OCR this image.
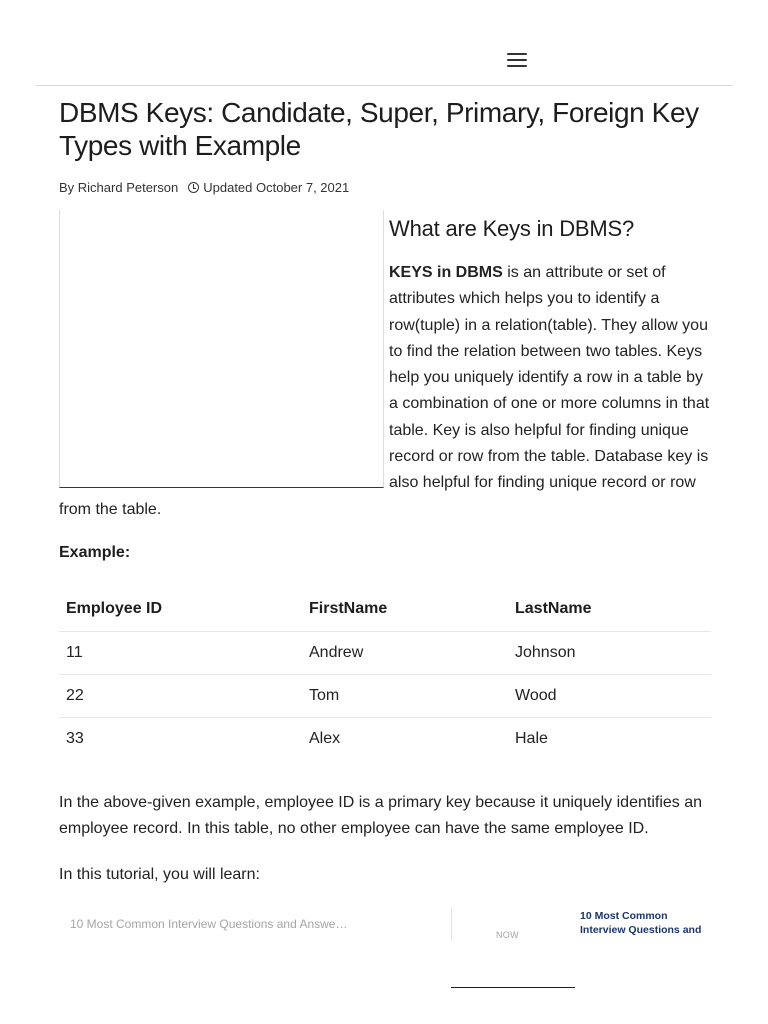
DBMS Keys: Candidate, Super, Primary, Foreign Key Types with Example
By Richard Peterson Updated October 7, 2021
What are Keys in DBMS?

KEYS in DBMS is an attribute or set of attributes which helps you to identify a row(tuple) in a relation(table). They allow you to find the relation between two tables. Keys help you uniquely identify a row in a table by a combination of one or more columns in that table. Key is also helpful for finding unique record or row from the table. Database key is also helpful for finding unique record or row from the table.

Example:
Employee ID	FirstName	LastName
11	Andrew	Johnson
22	Tom	Wood
33	Alex	Hale

In the above-given example, employee ID is a primary key because it uniquely identifies an employee record. In this table, no other employee can have the same employee ID.

In this tutorial, you will learn:

10 Most Common Interview Questions and Answe…
NOW
10 Most Common Interview Questions and
